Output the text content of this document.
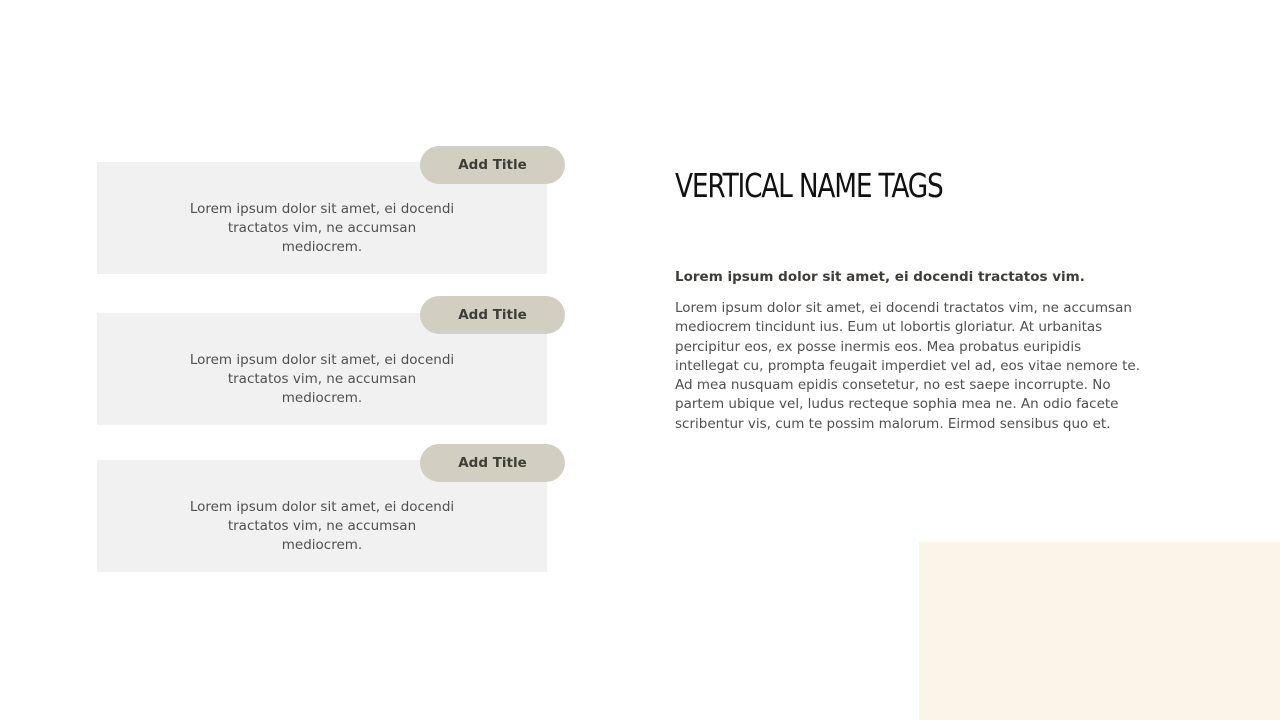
Lorem ipsum dolor sit amet, ei docendi tractatos vim, ne accumsan mediocrem.
Add Title
Lorem ipsum dolor sit amet, ei docendi tractatos vim, ne accumsan mediocrem.
Add Title
Lorem ipsum dolor sit amet, ei docendi tractatos vim, ne accumsan mediocrem.
Add Title
VERTICAL NAME TAGS
Lorem ipsum dolor sit amet, ei docendi tractatos vim.
Lorem ipsum dolor sit amet, ei docendi tractatos vim, ne accumsan mediocrem tincidunt ius. Eum ut lobortis gloriatur. At urbanitas percipitur eos, ex posse inermis eos. Mea probatus euripidis intellegat cu, prompta feugait imperdiet vel ad, eos vitae nemore te. Ad mea nusquam epidis consetetur, no est saepe incorrupte. No partem ubique vel, ludus recteque sophia mea ne. An odio facete scribentur vis, cum te possim malorum. Eirmod sensibus quo et.
